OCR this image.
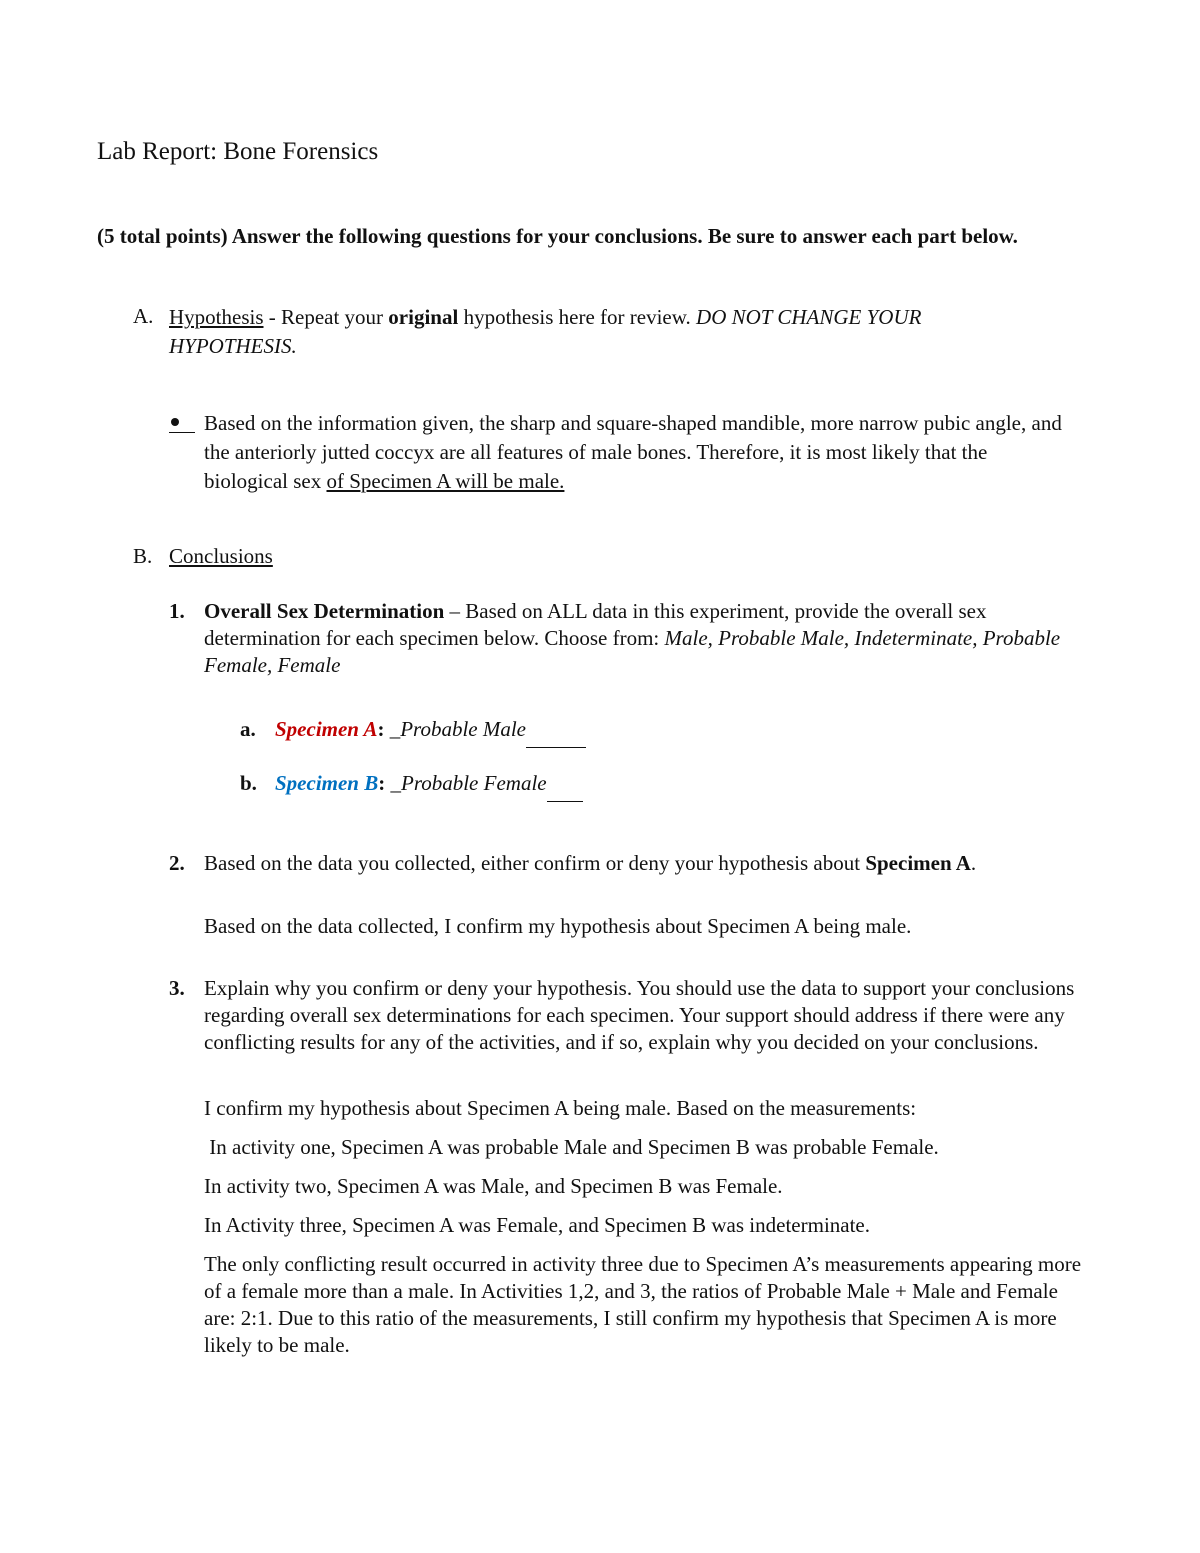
Lab Report: Bone Forensics
(5 total points) Answer the following questions for your conclusions. Be sure to answer each part below.
A. Hypothesis - Repeat your original hypothesis here for review. DO NOT CHANGE YOUR HYPOTHESIS.
Based on the information given, the sharp and square-shaped mandible, more narrow pubic angle, and the anteriorly jutted coccyx are all features of male bones. Therefore, it is most likely that the biological sex of Specimen A will be male.
B. Conclusions
1. Overall Sex Determination – Based on ALL data in this experiment, provide the overall sex determination for each specimen below. Choose from: Male, Probable Male, Indeterminate, Probable Female, Female
a. Specimen A: _Probable Male
b. Specimen B: _Probable Female
2. Based on the data you collected, either confirm or deny your hypothesis about Specimen A.
Based on the data collected, I confirm my hypothesis about Specimen A being male.
3. Explain why you confirm or deny your hypothesis. You should use the data to support your conclusions regarding overall sex determinations for each specimen. Your support should address if there were any conflicting results for any of the activities, and if so, explain why you decided on your conclusions.

I confirm my hypothesis about Specimen A being male. Based on the measurements:

In activity one, Specimen A was probable Male and Specimen B was probable Female.

In activity two, Specimen A was Male, and Specimen B was Female.

In Activity three, Specimen A was Female, and Specimen B was indeterminate.

The only conflicting result occurred in activity three due to Specimen A’s measurements appearing more of a female more than a male. In Activities 1,2, and 3, the ratios of Probable Male + Male and Female are: 2:1. Due to this ratio of the measurements, I still confirm my hypothesis that Specimen A is more likely to be male.
